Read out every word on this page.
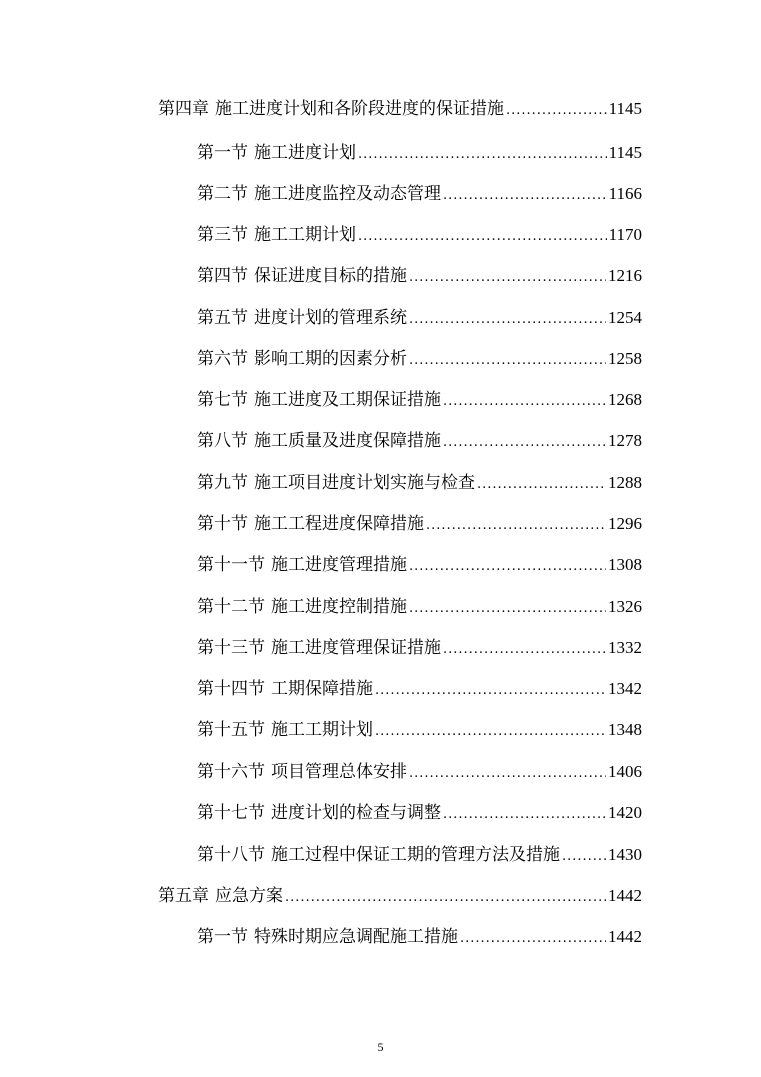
第四章 施工进度计划和各阶段进度的保证措施 .....	1145
第一节 施工进度计划 .....	1145
第二节 施工进度监控及动态管理 .....	1166
第三节 施工工期计划 .....	1170
第四节 保证进度目标的措施 .....	1216
第五节 进度计划的管理系统 .....	1254
第六节 影响工期的因素分析 .....	1258
第七节 施工进度及工期保证措施 .....	1268
第八节 施工质量及进度保障措施 .....	1278
第九节 施工项目进度计划实施与检查 .....	1288
第十节 施工工程进度保障措施 .....	1296
第十一节 施工进度管理措施 .....	1308
第十二节 施工进度控制措施 .....	1326
第十三节 施工进度管理保证措施 .....	1332
第十四节 工期保障措施 .....	1342
第十五节 施工工期计划 .....	1348
第十六节 项目管理总体安排 .....	1406
第十七节 进度计划的检查与调整 .....	1420
第十八节 施工过程中保证工期的管理方法及措施 .....	1430
第五章 应急方案 .....	1442
第一节 特殊时期应急调配施工措施 .....	1442
5
